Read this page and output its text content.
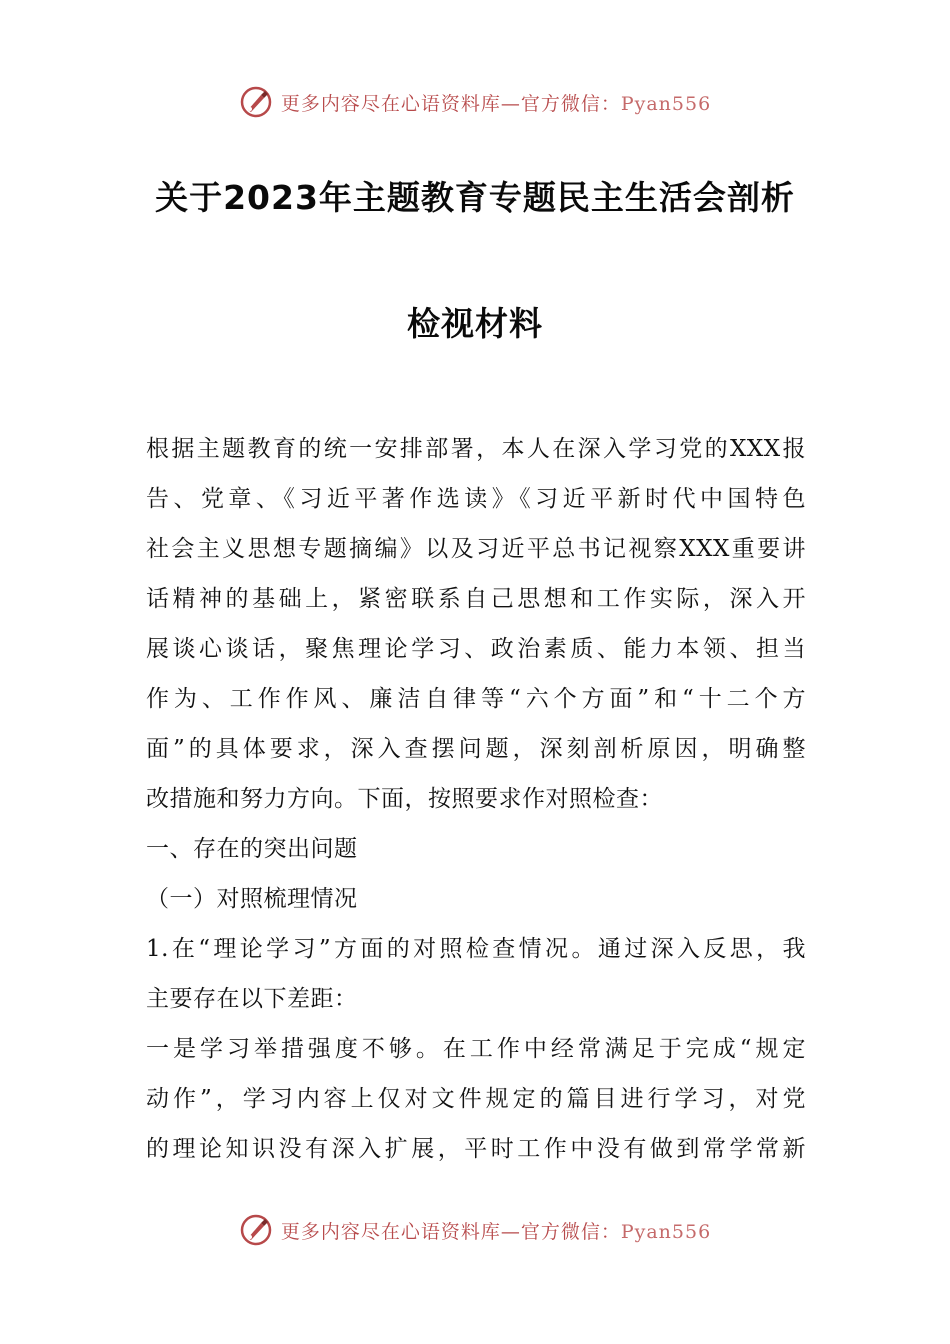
更多内容尽在心语资料库—官方微信：Pyan556
关于2023年主题教育专题民主生活会剖析
检视材料
根据主题教育的统一安排部署，本人在深入学习党的XXX报
告、党章、《习近平著作选读》《习近平新时代中国特色
社会主义思想专题摘编》以及习近平总书记视察XXX重要讲
话精神的基础上，紧密联系自己思想和工作实际，深入开
展谈心谈话，聚焦理论学习、政治素质、能力本领、担当
作为、工作作风、廉洁自律等“六个方面”和“十二个方
面”的具体要求，深入查摆问题，深刻剖析原因，明确整
改措施和努力方向。下面，按照要求作对照检查：
一、存在的突出问题
（一）对照梳理情况
1.在“理论学习”方面的对照检查情况。通过深入反思，我
主要存在以下差距：
一是学习举措强度不够。在工作中经常满足于完成“规定
动作”，学习内容上仅对文件规定的篇目进行学习，对党
的理论知识没有深入扩展，平时工作中没有做到常学常新
更多内容尽在心语资料库—官方微信：Pyan556
